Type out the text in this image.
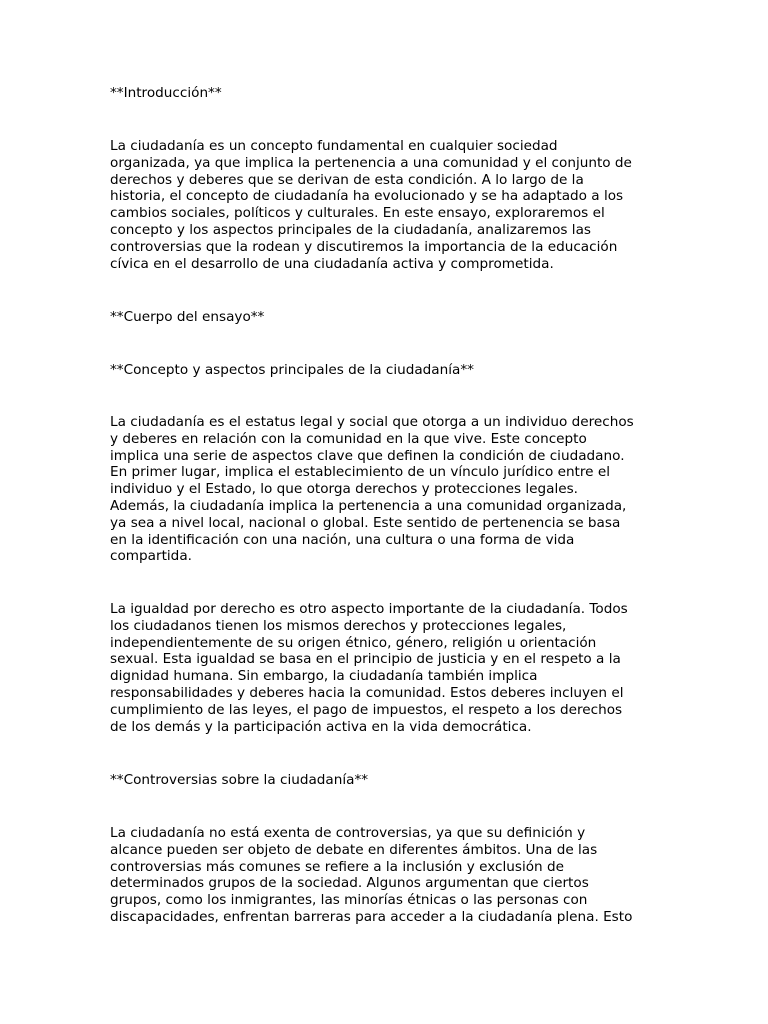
**Introducción**

La ciudadanía es un concepto fundamental en cualquier sociedad
organizada, ya que implica la pertenencia a una comunidad y el conjunto de
derechos y deberes que se derivan de esta condición. A lo largo de la
historia, el concepto de ciudadanía ha evolucionado y se ha adaptado a los
cambios sociales, políticos y culturales. En este ensayo, exploraremos el
concepto y los aspectos principales de la ciudadanía, analizaremos las
controversias que la rodean y discutiremos la importancia de la educación
cívica en el desarrollo de una ciudadanía activa y comprometida.

**Cuerpo del ensayo**

**Concepto y aspectos principales de la ciudadanía**

La ciudadanía es el estatus legal y social que otorga a un individuo derechos
y deberes en relación con la comunidad en la que vive. Este concepto
implica una serie de aspectos clave que definen la condición de ciudadano.
En primer lugar, implica el establecimiento de un vínculo jurídico entre el
individuo y el Estado, lo que otorga derechos y protecciones legales.
Además, la ciudadanía implica la pertenencia a una comunidad organizada,
ya sea a nivel local, nacional o global. Este sentido de pertenencia se basa
en la identificación con una nación, una cultura o una forma de vida
compartida.

La igualdad por derecho es otro aspecto importante de la ciudadanía. Todos
los ciudadanos tienen los mismos derechos y protecciones legales,
independientemente de su origen étnico, género, religión u orientación
sexual. Esta igualdad se basa en el principio de justicia y en el respeto a la
dignidad humana. Sin embargo, la ciudadanía también implica
responsabilidades y deberes hacia la comunidad. Estos deberes incluyen el
cumplimiento de las leyes, el pago de impuestos, el respeto a los derechos
de los demás y la participación activa en la vida democrática.

**Controversias sobre la ciudadanía**

La ciudadanía no está exenta de controversias, ya que su definición y
alcance pueden ser objeto de debate en diferentes ámbitos. Una de las
controversias más comunes se refiere a la inclusión y exclusión de
determinados grupos de la sociedad. Algunos argumentan que ciertos
grupos, como los inmigrantes, las minorías étnicas o las personas con
discapacidades, enfrentan barreras para acceder a la ciudadanía plena. Esto
